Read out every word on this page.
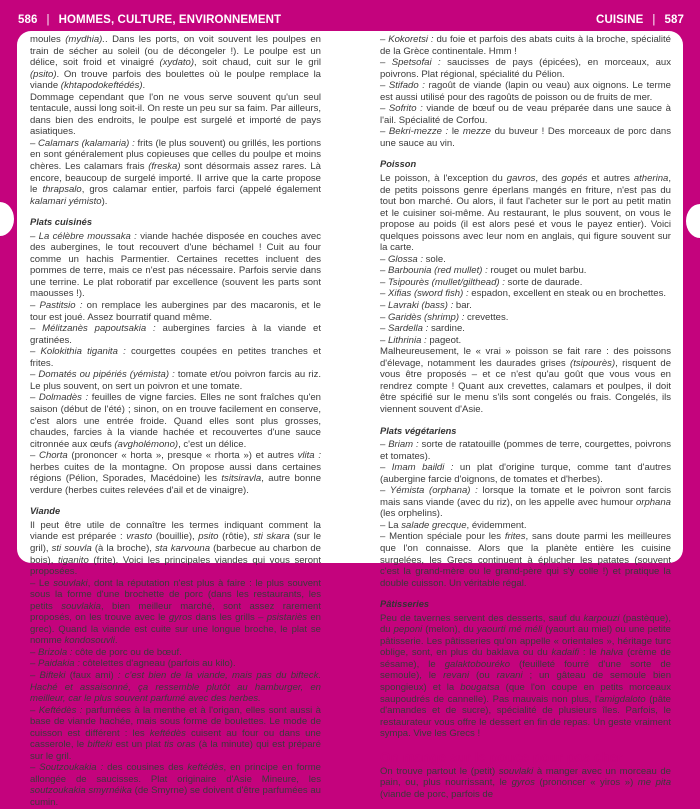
586 | HOMMES, CULTURE, ENVIRONNEMENT	CUISINE | 587

moules (mydhia).. Dans les ports, on voit souvent les poulpes en train de sécher au soleil (ou de décongeler !). Le poulpe est un délice, soit froid et vinaigré (xydato), soit chaud, cuit sur le gril (psito). On trouve parfois des boulettes où le poulpe remplace la viande (khtapodokeftédés).

Dommage cependant que l'on ne vous serve souvent qu'un seul tentacule, aussi long soit-il. On reste un peu sur sa faim. Par ailleurs, dans bien des endroits, le poulpe est surgelé et importé de pays asiatiques.

– Calamars (kalamaria) : frits (le plus souvent) ou grillés, les portions en sont généralement plus copieuses que celles du poulpe et moins chères. Les calamars frais (freska) sont désormais assez rares. Là encore, beaucoup de surgelé importé. Il arrive que la carte propose le thrapsalo, gros calamar entier, parfois farci (appelé également kalamari yémisto).

Plats cuisinés

– La célèbre moussaka : viande hachée disposée en couches avec des aubergines, le tout recouvert d'une béchamel ! Cuit au four comme un hachis Parmentier. Certaines recettes incluent des pommes de terre, mais ce n'est pas nécessaire. Parfois servie dans une terrine. Le plat roboratif par excellence (souvent les parts sont maousses !).

– Pastitsio : on remplace les aubergines par des macaronis, et le tour est joué. Assez bourratif quand même.

– Mélitzanès papoutsakia : aubergines farcies à la viande et gratinées.

– Kolokithia tiganita : courgettes coupées en petites tranches et frites.

– Domatés ou pipériés (yémista) : tomate et/ou poivron farcis au riz. Le plus souvent, on sert un poivron et une tomate.

– Dolmadès : feuilles de vigne farcies. Elles ne sont fraîches qu'en saison (début de l'été) ; sinon, on en trouve facilement en conserve, c'est alors une entrée froide. Quand elles sont plus grosses, chaudes, farcies à la viande hachée et recouvertes d'une sauce citronnée aux œufs (avgholémono), c'est un délice.

– Chorta (prononcer « horta », presque « rhorta ») et autres vlita : herbes cuites de la montagne. On propose aussi dans certaines régions (Pélion, Sporades, Macédoine) les tsitsiravla, autre bonne verdure (herbes cuites relevées d'ail et de vinaigre).

Viande

Il peut être utile de connaître les termes indiquant comment la viande est préparée : vrasto (bouillie), psito (rôtie), sti skara (sur le gril), sti souvla (à la broche), sta karvouna (barbecue au charbon de bois), tiganito (frite). Voici les principales viandes qui vous seront proposées.

– Le souvlaki, dont la réputation n'est plus à faire : le plus souvent sous la forme d'une brochette de porc (dans les restaurants, les petits souvlakia, bien meilleur marché, sont assez rarement proposés, on les trouve avec le gyros dans les grills – psistariès en grec). Quand la viande est cuite sur une longue broche, le plat se nomme kondosouvli.

– Brizola : côte de porc ou de bœuf.

– Paidakia : côtelettes d'agneau (parfois au kilo).

– Bifteki (faux ami) : c'est bien de la viande, mais pas du bifteck. Haché et assaisonné, ça ressemble plutôt au hamburger, en meilleur, car le plus souvent parfumé avec des herbes.

– Keftédès : parfumées à la menthe et à l'origan, elles sont aussi à base de viande hachée, mais sous forme de boulettes. Le mode de cuisson est différent : les keftédès cuisent au four ou dans une casserole, le bifteki est un plat tis oras (à la minute) qui est préparé sur le gril.

– Soutzoukakia : des cousines des keftédès, en principe en forme allongée de saucisses. Plat originaire d'Asie Mineure, les soutzoukakia smyrnéika (de Smyrne) se doivent d'être parfumées au cumin.

– Kokoretsi : du foie et parfois des abats cuits à la broche, spécialité de la Grèce continentale. Hmm !

– Spetsofai : saucisses de pays (épicées), en morceaux, aux poivrons. Plat régional, spécialité du Pélion.

– Stifado : ragoût de viande (lapin ou veau) aux oignons. Le terme est aussi utilisé pour des ragoûts de poisson ou de fruits de mer.

– Sofrito : viande de bœuf ou de veau préparée dans une sauce à l'ail. Spécialité de Corfou.

– Bekri-mezze : le mezze du buveur ! Des morceaux de porc dans une sauce au vin.

Poisson

Le poisson, à l'exception du gavros, des gopés et autres atherina, de petits poissons genre éperlans mangés en friture, n'est pas du tout bon marché. Ou alors, il faut l'acheter sur le port au petit matin et le cuisiner soi-même. Au restaurant, le plus souvent, on vous le propose au poids (il est alors pesé et vous le payez entier). Voici quelques poissons avec leur nom en anglais, qui figure souvent sur la carte.

– Glossa : sole.

– Barbounia (red mullet) : rouget ou mulet barbu.

– Tsipourès (mullet/gilthead) : sorte de daurade.

– Xifias (sword fish) : espadon, excellent en steak ou en brochettes.

– Lavraki (bass) : bar.

– Garidès (shrimp) : crevettes.

– Sardella : sardine.

– Lithrinia : pageot.

Malheureusement, le « vrai » poisson se fait rare : des poissons d'élevage, notamment les daurades grises (tsipourès), risquent de vous être proposés – et ce n'est qu'au goût que vous vous en rendrez compte ! Quant aux crevettes, calamars et poulpes, il doit être spécifié sur le menu s'ils sont congelés ou frais. Congelés, ils viennent souvent d'Asie.

Plats végétariens

– Briam : sorte de ratatouille (pommes de terre, courgettes, poivrons et tomates).

– Imam baildi : un plat d'origine turque, comme tant d'autres (aubergine farcie d'oignons, de tomates et d'herbes).

– Yémista (orphana) : lorsque la tomate et le poivron sont farcis mais sans viande (avec du riz), on les appelle avec humour orphana (les orphelins).

– La salade grecque, évidemment.

– Mention spéciale pour les frites, sans doute parmi les meilleures que l'on connaisse. Alors que la planète entière les cuisine surgelées, les Grecs continuent à éplucher les patates (souvent c'est la grand-mère ou le grand-père qui s'y colle !) et pratique la double cuisson. Un véritable régal.

Pâtisseries

Peu de tavernes servent des desserts, sauf du karpouzi (pastèque), du peponi (melon), du yaourti mé méli (yaourt au miel) ou une petite pâtisserie. Les pâtisseries qu'on appelle « orientales », héritage turc oblige, sont, en plus du baklava ou du kadaifi : le halva (crème de sésame), le galaktobouréko (feuilleté fourré d'une sorte de semoule), le revani (ou ravani ; un gâteau de semoule bien spongieux) et la bougatsa (que l'on coupe en petits morceaux saupoudrés de cannelle). Pas mauvais non plus, l'amigdaloto (pâte d'amandes et de sucre), spécialité de plusieurs îles. Parfois, le restaurateur vous offre le dessert en fin de repas. Un geste vraiment sympa. Vive les Grecs !

On mange sur le pouce pour pas cher

On trouve partout le (petit) souvlaki à manger avec un morceau de pain, ou, plus nourrissant, le gyros (prononcer « yiros ») me pita (viande de porc, parfois de
